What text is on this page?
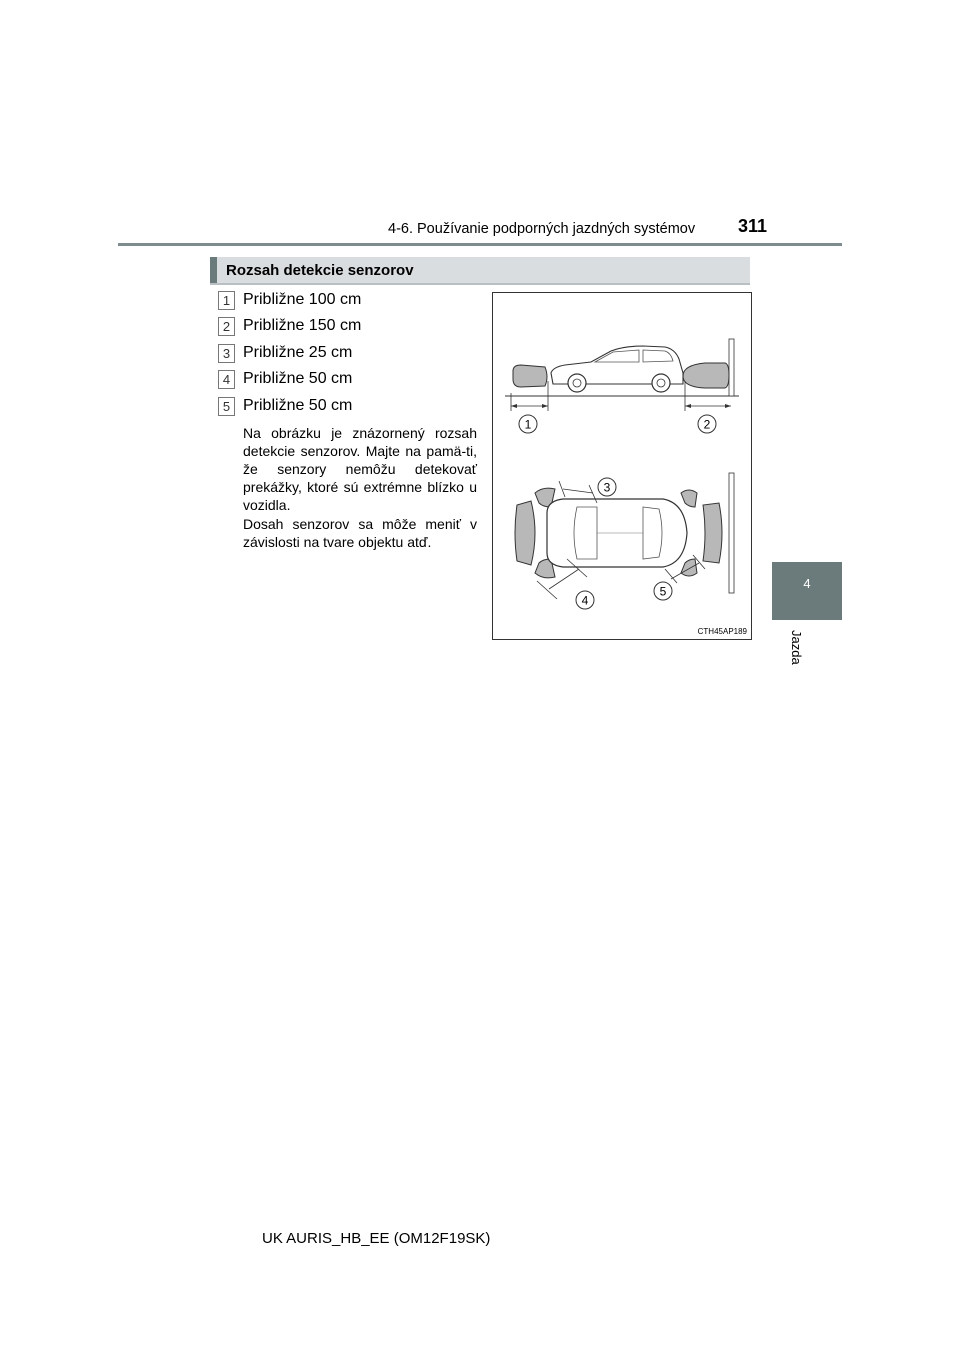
4-6. Používanie podporných jazdných systémov 311
4
Jazda
Rozsah detekcie senzorov
1 Približne 100 cm
2 Približne 150 cm
3 Približne 25 cm
4 Približne 50 cm
5 Približne 50 cm
Na obrázku je znázornený rozsah detekcie senzorov. Majte na pamä-ti, že senzory nemôžu detekovať prekážky, ktoré sú extrémne blízko u vozidla.
Dosah senzorov sa môže meniť v závislosti na tvare objektu atď.
1	2
3
4
5
CTH45AP189
UK AURIS_HB_EE (OM12F19SK)
